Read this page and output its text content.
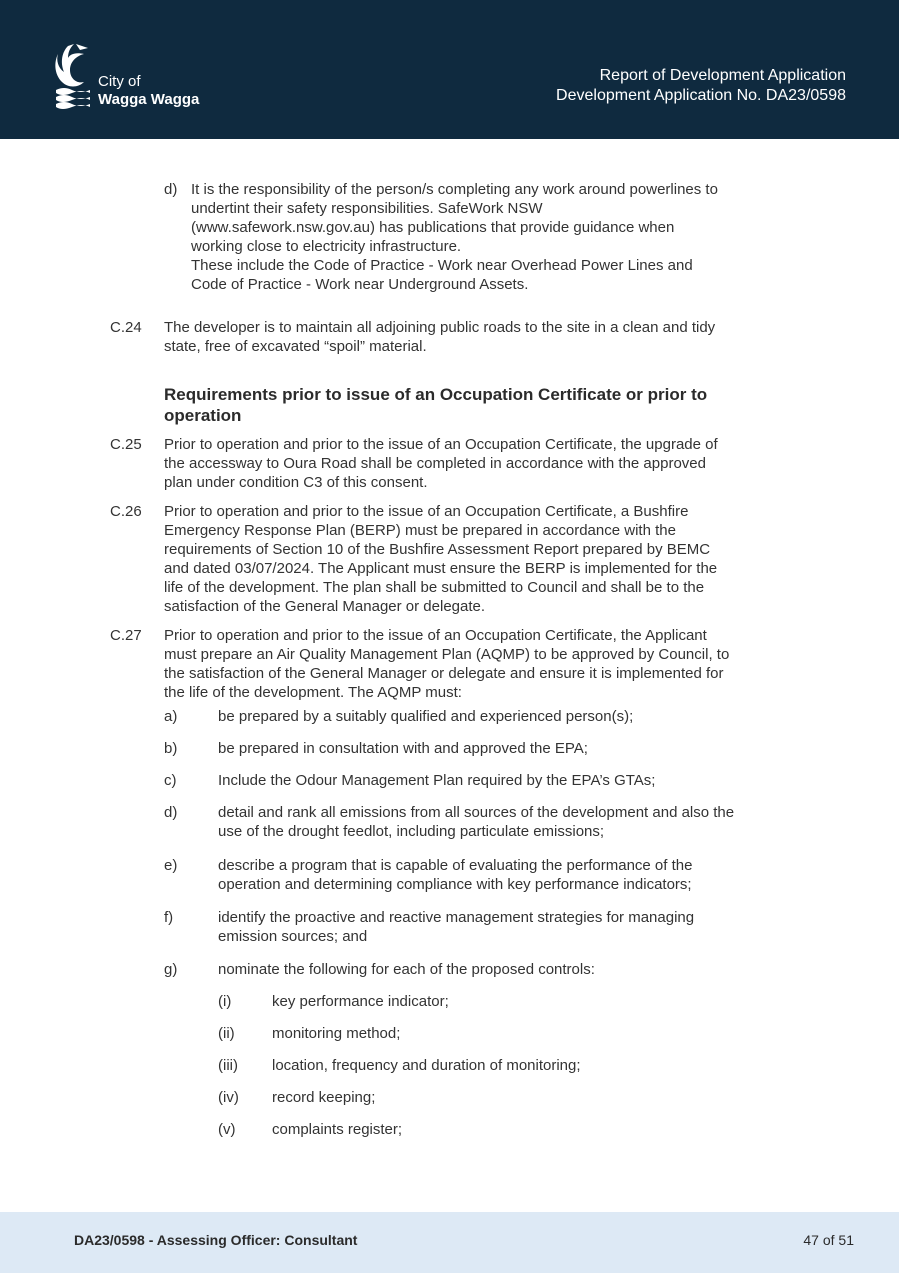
City of
Wagga Wagga
Report of Development Application
Development Application No. DA23/0598
d) It is the responsibility of the person/s completing any work around powerlines to
undertint their safety responsibilities. SafeWork NSW
(www.safework.nsw.gov.au) has publications that provide guidance when
working close to electricity infrastructure.
These include the Code of Practice - Work near Overhead Power Lines and
Code of Practice - Work near Underground Assets.
C.24 The developer is to maintain all adjoining public roads to the site in a clean and tidy
state, free of excavated “spoil” material.
Requirements prior to issue of an Occupation Certificate or prior to
operation
C.25 Prior to operation and prior to the issue of an Occupation Certificate, the upgrade of
the accessway to Oura Road shall be completed in accordance with the approved
plan under condition C3 of this consent.
C.26 Prior to operation and prior to the issue of an Occupation Certificate, a Bushfire
Emergency Response Plan (BERP) must be prepared in accordance with the
requirements of Section 10 of the Bushfire Assessment Report prepared by BEMC
and dated 03/07/2024. The Applicant must ensure the BERP is implemented for the
life of the development. The plan shall be submitted to Council and shall be to the
satisfaction of the General Manager or delegate.
C.27 Prior to operation and prior to the issue of an Occupation Certificate, the Applicant
must prepare an Air Quality Management Plan (AQMP) to be approved by Council, to
the satisfaction of the General Manager or delegate and ensure it is implemented for
the life of the development. The AQMP must:
a)	be prepared by a suitably qualified and experienced person(s);
b)	be prepared in consultation with and approved the EPA;
c)	Include the Odour Management Plan required by the EPA’s GTAs;
d)	detail and rank all emissions from all sources of the development and also the
use of the drought feedlot, including particulate emissions;
e)	describe a program that is capable of evaluating the performance of the
operation and determining compliance with key performance indicators;
f)	identify the proactive and reactive management strategies for managing
emission sources; and
g)	nominate the following for each of the proposed controls:
(i)	key performance indicator;
(ii) monitoring method;
(iii) location, frequency and duration of monitoring;
(iv) record keeping;
(v) complaints register;
DA23/0598 - Assessing Officer: Consultant	47 of 51
